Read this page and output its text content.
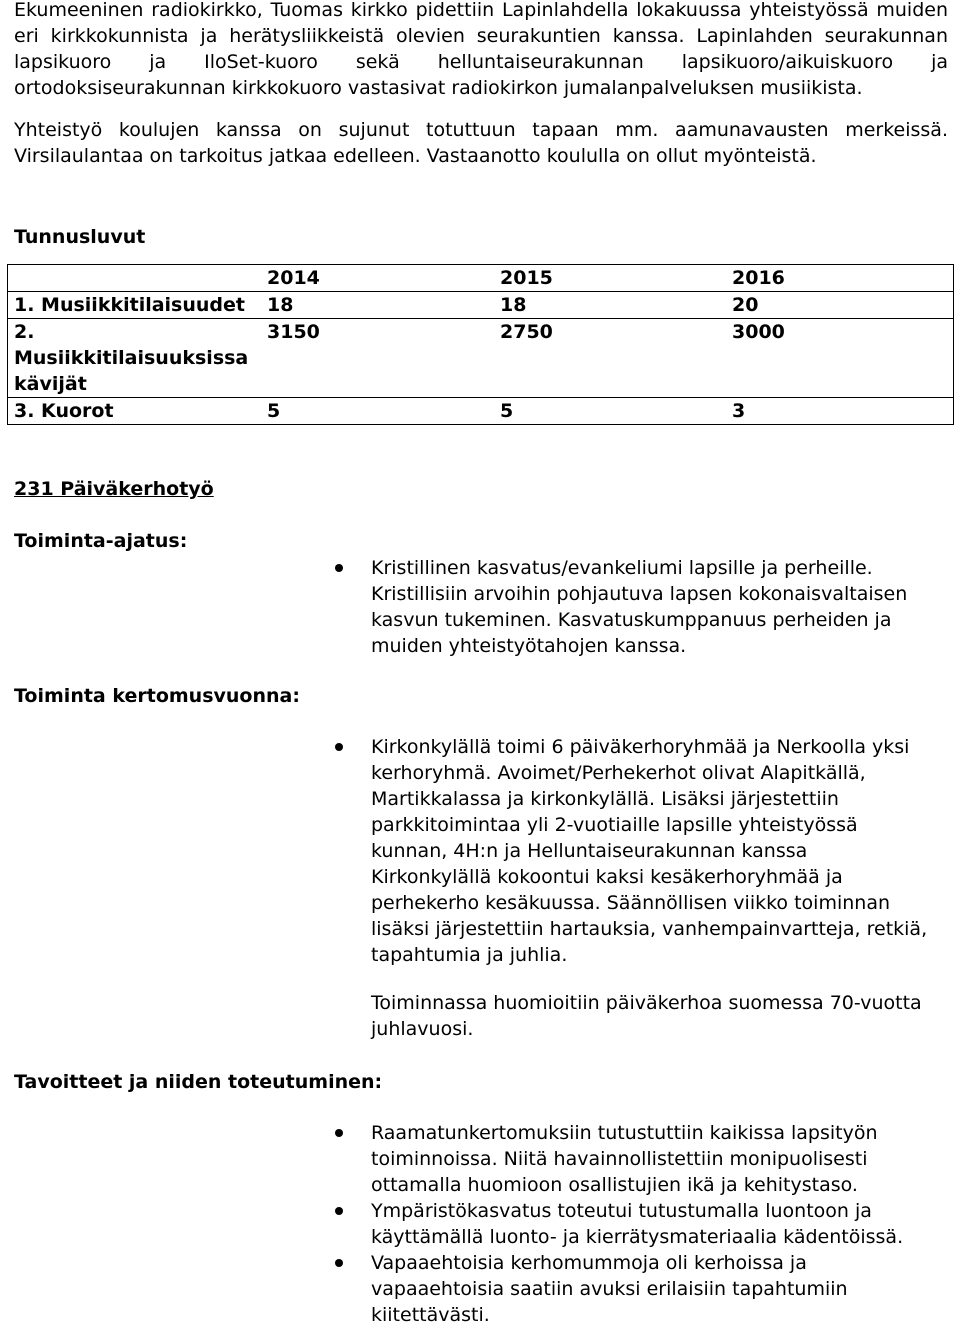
Ekumeeninen radiokirkko, Tuomas kirkko pidettiin Lapinlahdella lokakuussa yhteistyössä muiden eri kirkkokunnista ja herätysliikkeistä olevien seurakuntien kanssa. Lapinlahden seurakunnan lapsikuoro ja IloSet-kuoro sekä helluntaiseurakunnan lapsikuoro/aikuiskuoro ja ortodoksiseurakunnan kirkkokuoro vastasivat radiokirkon jumalanpalveluksen musiikista.

Yhteistyö koulujen kanssa on sujunut totuttuun tapaan mm. aamunavausten merkeissä. Virsilaulantaa on tarkoitus jatkaa edelleen. Vastaanotto koululla on ollut myönteistä.

Tunnusluvut
	2014	2015	2016
1. Musiikkitilaisuudet	18	18	20
2. Musiikkitilaisuuksissa kävijät	3150	2750	3000
3. Kuorot	5	5	3
231 Päiväkerhotyö
Toiminta-ajatus:
Kristillinen kasvatus/evankeliumi lapsille ja perheille. Kristillisiin arvoihin pohjautuva lapsen kokonaisvaltaisen kasvun tukeminen. Kasvatuskumppanuus perheiden ja muiden yhteistyötahojen kanssa.
Toiminta kertomusvuonna:
Kirkonkylällä toimi 6 päiväkerhoryhmää ja Nerkoolla yksi kerhoryhmä. Avoimet/Perhekerhot olivat Alapitkällä, Martikkalassa ja kirkonkylällä. Lisäksi järjestettiin parkkitoimintaa yli 2-vuotiaille lapsille yhteistyössä kunnan, 4H:n ja Helluntaiseurakunnan kanssa Kirkonkylällä kokoontui kaksi kesäkerhoryhmää ja perhekerho kesäkuussa. Säännöllisen viikko toiminnan lisäksi järjestettiin hartauksia, vanhempainvartteja, retkiä, tapahtumia ja juhlia.
Toiminnassa huomioitiin päiväkerhoa suomessa 70-vuotta juhlavuosi.
Tavoitteet ja niiden toteutuminen:
Raamatunkertomuksiin tutustuttiin kaikissa lapsityön toiminnoissa. Niitä havainnollistettiin monipuolisesti ottamalla huomioon osallistujien ikä ja kehitystaso.
Ympäristökasvatus toteutui tutustumalla luontoon ja käyttämällä luonto- ja kierrätysmateriaalia kädentöissä.
Vapaaehtoisia kerhomummoja oli kerhoissa ja vapaaehtoisia saatiin avuksi erilaisiin tapahtumiin kiitettävästi.
